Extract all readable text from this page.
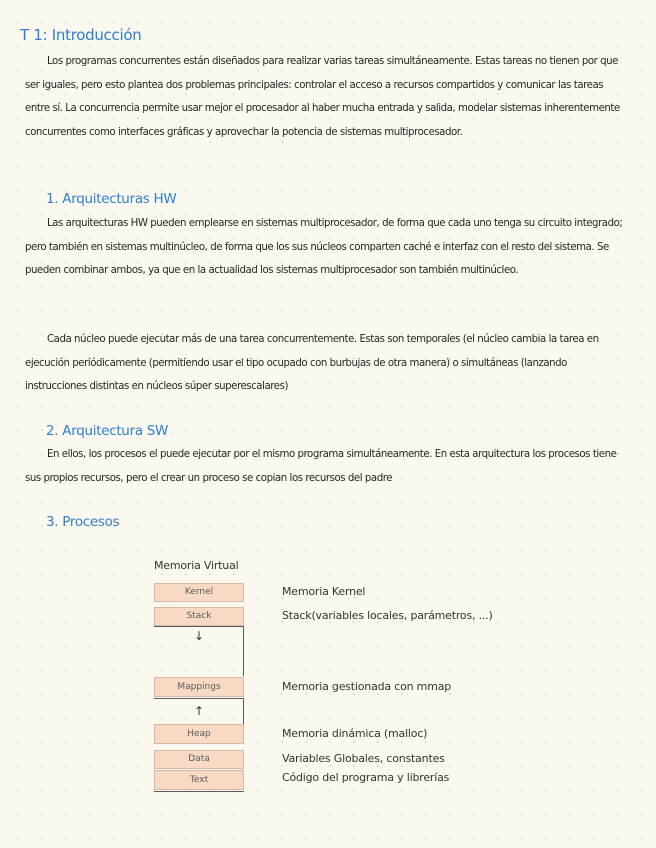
T 1: Introducción

Los programas concurrentes están diseñados para realizar varias tareas simultáneamente. Estas tareas no tienen por que ser iguales, pero esto plantea dos problemas principales: controlar el acceso a recursos compartidos y comunicar las tareas entre sí. La concurrencia permite usar mejor el procesador al haber mucha entrada y salida, modelar sistemas inherentemente concurrentes como interfaces gráficas y aprovechar la potencia de sistemas multiprocesador.

1. Arquitecturas HW

Las arquitecturas HW pueden emplearse en sistemas multiprocesador, de forma que cada uno tenga su circuito integrado; pero también en sistemas multinúcleo, de forma que los sus núcleos comparten caché e interfaz con el resto del sistema. Se pueden combinar ambos, ya que en la actualidad los sistemas multiprocesador son también multinúcleo.

Cada núcleo puede ejecutar más de una tarea concurrentemente. Estas son temporales (el núcleo cambia la tarea en ejecución periódicamente (permitiendo usar el tipo ocupado con burbujas de otra manera) o simultáneas (lanzando instrucciones distintas en núcleos súper superescalares)

2. Arquitectura SW

En ellos, los procesos el puede ejecutar por el mismo programa simultáneamente. En esta arquitectura los procesos tiene sus propios recursos, pero el crear un proceso se copian los recursos del padre

3. Procesos
Memoria Virtual
Kernel
Stack
↓
Mappings
↑
Heap
Data
Text
Memoria Kernel
Stack(variables locales, parámetros, ...)
Memoria gestionada con mmap
Memoria dinámica (malloc)
Variables Globales, constantes
Código del programa y librerías
